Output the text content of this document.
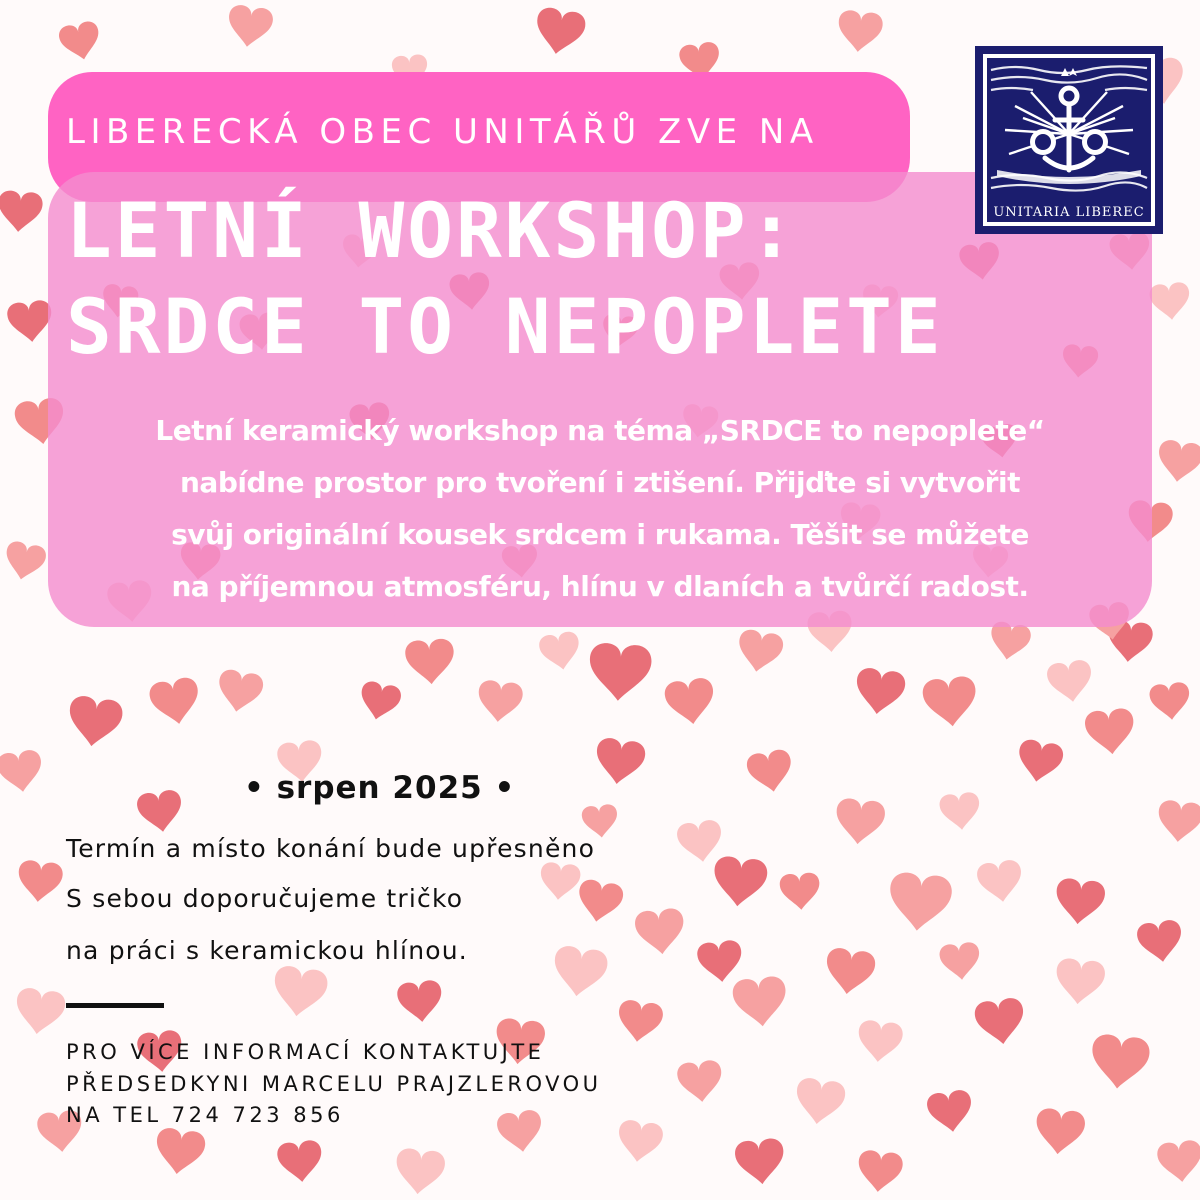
LIBERECKÁ OBEC UNITÁŘŮ ZVE NA
LETNÍ WORKSHOP:
SRDCE TO NEPOPLETE
Letní keramický workshop na téma „SRDCE to nepoplete“
nabídne prostor pro tvoření i ztišení. Přijďte si vytvořit
svůj originální kousek srdcem i rukama. Těšit se můžete
na příjemnou atmosféru, hlínu v dlaních a tvůrčí radost.
UNITARIA LIBEREC
• srpen 2025 •
Termín a místo konání bude upřesněno
S sebou doporučujeme tričko
na práci s keramickou hlínou.
PRO VÍCE INFORMACÍ KONTAKTUJTE
PŘEDSEDKYNI MARCELU PRAJZLEROVOU
NA TEL 724 723 856
